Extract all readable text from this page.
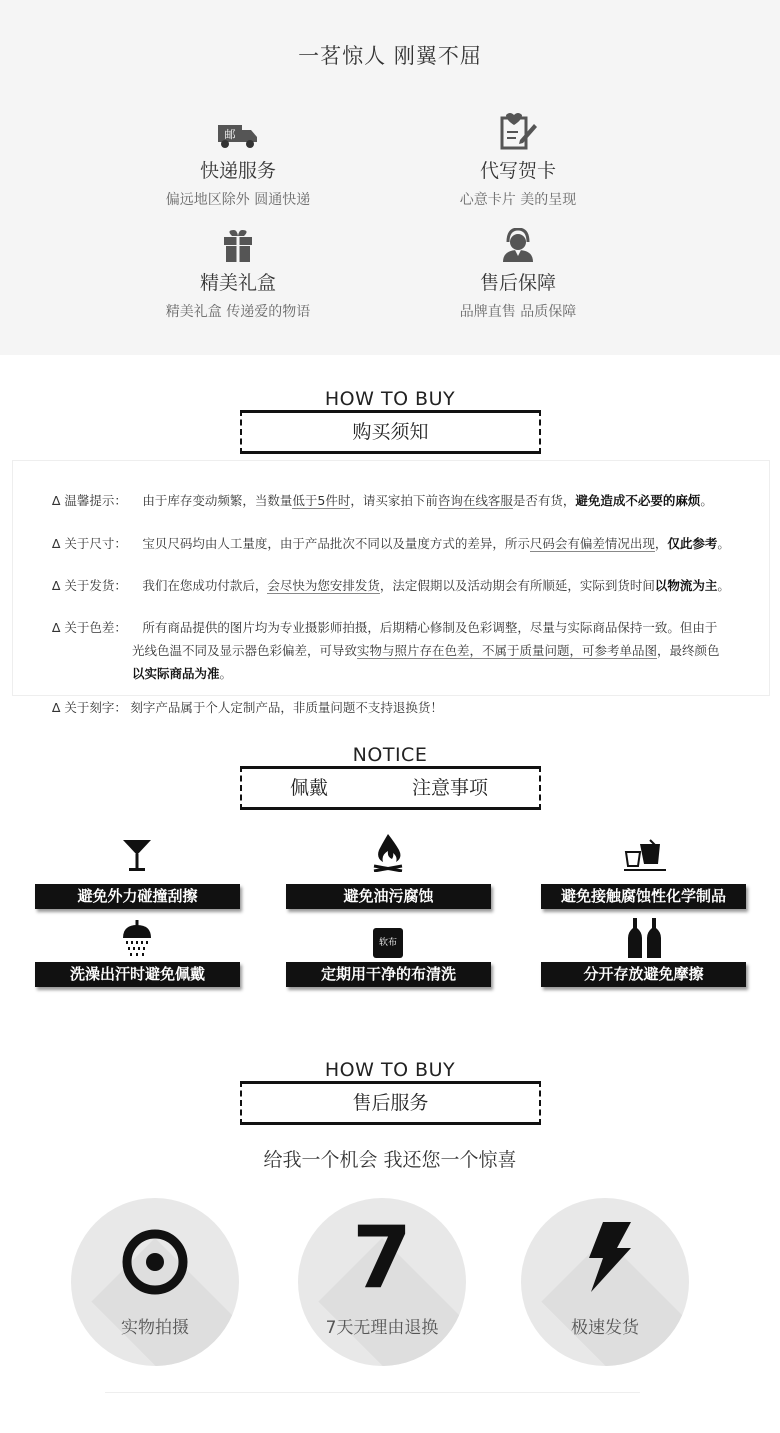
一茗惊人 刚翼不屈
邮
快递服务
偏远地区除外 圆通快递
代写贺卡
心意卡片 美的呈现
精美礼盒
精美礼盒 传递爱的物语
售后保障
品牌直售 品质保障
HOW TO BUY
购买须知
∆ 温馨提示： 由于库存变动频繁，当数量低于5件时，请买家拍下前咨询在线客服是否有货，避免造成不必要的麻烦。
∆ 关于尺寸： 宝贝尺码均由人工量度，由于产品批次不同以及量度方式的差异，所示尺码会有偏差情况出现，仅此参考。
∆ 关于发货： 我们在您成功付款后，会尽快为您安排发货，法定假期以及活动期会有所顺延，实际到货时间以物流为主。
∆ 关于色差： 所有商品提供的图片均为专业摄影师拍摄，后期精心修制及色彩调整，尽量与实际商品保持一致。但由于
光线色温不同及显示器色彩偏差，可导致实物与照片存在色差，不属于质量问题，可参考单品图，最终颜色
以实际商品为准。
∆ 关于刻字： 刻字产品属于个人定制产品，非质量问题不支持退换货！
NOTICE
佩戴	注意事项
避免外力碰撞刮擦	避免油污腐蚀	避免接触腐蚀性化学制品
软布
洗澡出汗时避免佩戴	定期用干净的布清洗	分开存放避免摩擦
HOW TO BUY
售后服务
给我一个机会 我还您一个惊喜
实物拍摄
7
7天无理由退换	极速发货
